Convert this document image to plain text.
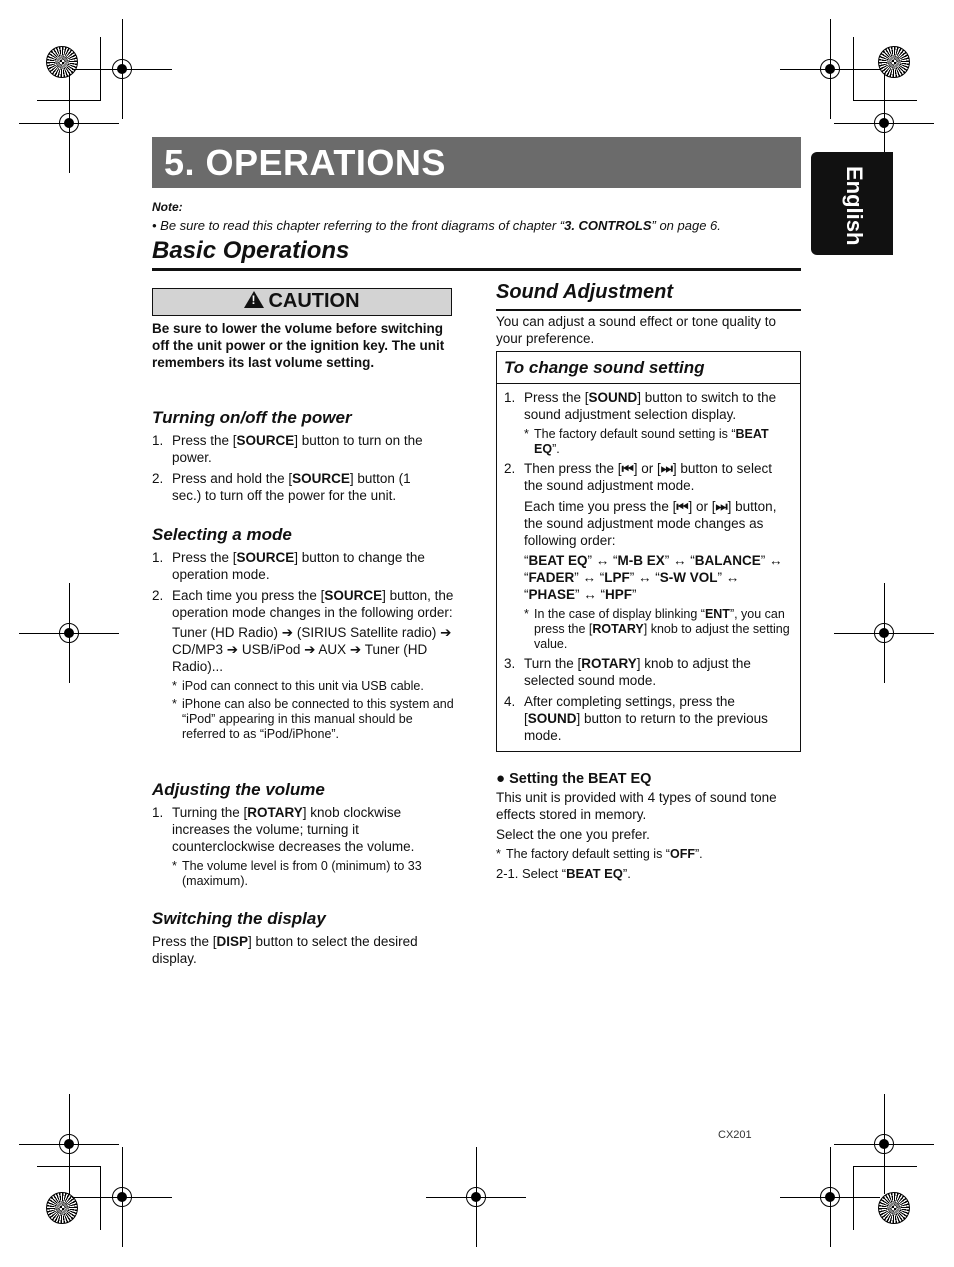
5. OPERATIONS
English
Note:
• Be sure to read this chapter referring to the front diagrams of chapter “3. CONTROLS” on page 6.
Basic Operations
!CAUTION
Be sure to lower the volume before switching off the unit power or the ignition key. The unit remembers its last volume setting.
Turning on/off the power
1. Press the [SOURCE] button to turn on the power.
2. Press and hold the [SOURCE] button (1 sec.) to turn off the power for the unit.
Selecting a mode
1. Press the [SOURCE] button to change the operation mode.
2. Each time you press the [SOURCE] button, the operation mode changes in the following order:
Tuner (HD Radio) ➔ (SIRIUS Satellite radio) ➔ CD/MP3 ➔ USB/iPod ➔ AUX ➔ Tuner (HD Radio)...
* iPod can connect to this unit via USB cable.
* iPhone can also be connected to this system and “iPod” appearing in this manual should be referred to as “iPod/iPhone”.
Adjusting the volume
1. Turning the [ROTARY] knob clockwise increases the volume; turning it counterclockwise decreases the volume.
* The volume level is from 0 (minimum) to 33 (maximum).
Switching the display
Press the [DISP] button to select the desired display.
Sound Adjustment
You can adjust a sound effect or tone quality to your preference.
To change sound setting
1. Press the [SOUND] button to switch to the sound adjustment selection display.
* The factory default sound setting is “BEAT EQ”.
2. Then press the [⏮] or [⏭] button to select the sound adjustment mode.
Each time you press the [⏮] or [⏭] button, the sound adjustment mode changes as following order:
“BEAT EQ” ↔ “M-B EX” ↔ “BALANCE” ↔ “FADER” ↔ “LPF” ↔ “S-W VOL” ↔ “PHASE” ↔ “HPF”
* In the case of display blinking “ENT”, you can press the [ROTARY] knob to adjust the setting value.
3. Turn the [ROTARY] knob to adjust the selected sound mode.
4. After completing settings, press the [SOUND] button to return to the previous mode.
● Setting the BEAT EQ
This unit is provided with 4 types of sound tone effects stored in memory.
Select the one you prefer.
* The factory default setting is “OFF”.
2-1. Select “BEAT EQ”.
CX201
